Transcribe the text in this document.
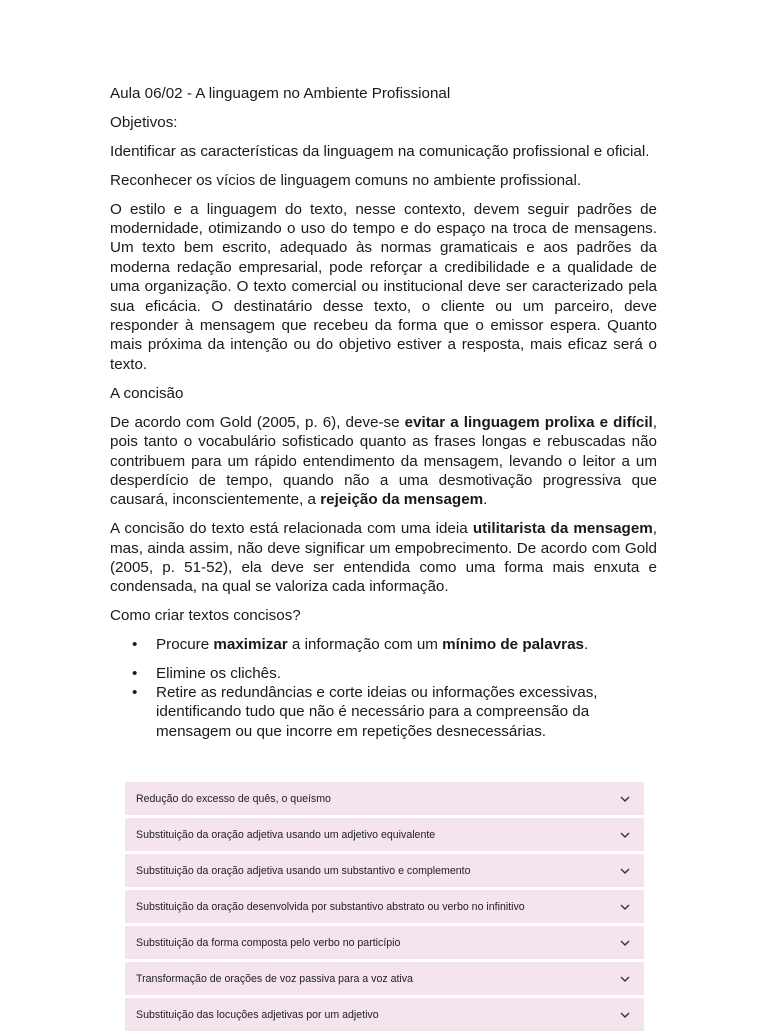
Aula 06/02 - A linguagem no Ambiente Profissional

Objetivos:

Identificar as características da linguagem na comunicação profissional e oficial.

Reconhecer os vícios de linguagem comuns no ambiente profissional.

O estilo e a linguagem do texto, nesse contexto, devem seguir padrões de modernidade, otimizando o uso do tempo e do espaço na troca de mensagens. Um texto bem escrito, adequado às normas gramaticais e aos padrões da moderna redação empresarial, pode reforçar a credibilidade e a qualidade de uma organização. O texto comercial ou institucional deve ser caracterizado pela sua eficácia. O destinatário desse texto, o cliente ou um parceiro, deve responder à mensagem que recebeu da forma que o emissor espera. Quanto mais próxima da intenção ou do objetivo estiver a resposta, mais eficaz será o texto.

A concisão

De acordo com Gold (2005, p. 6), deve-se evitar a linguagem prolixa e difícil, pois tanto o vocabulário sofisticado quanto as frases longas e rebuscadas não contribuem para um rápido entendimento da mensagem, levando o leitor a um desperdício de tempo, quando não a uma desmotivação progressiva que causará, inconscientemente, a rejeição da mensagem.

A concisão do texto está relacionada com uma ideia utilitarista da mensagem, mas, ainda assim, não deve significar um empobrecimento. De acordo com Gold (2005, p. 51-52), ela deve ser entendida como uma forma mais enxuta e condensada, na qual se valoriza cada informação.

Como criar textos concisos?

• Procure maximizar a informação com um mínimo de palavras.
• Elimine os clichês.
• Retire as redundâncias e corte ideias ou informações excessivas, identificando tudo que não é necessário para a compreensão da mensagem ou que incorre em repetições desnecessárias.
Redução do excesso de quês, o queísmo
Substituição da oração adjetiva usando um adjetivo equivalente
Substituição da oração adjetiva usando um substantivo e complemento
Substituição da oração desenvolvida por substantivo abstrato ou verbo no infinitivo
Substituição da forma composta pelo verbo no particípio
Transformação de orações de voz passiva para a voz ativa
Substituição das locuções adjetivas por um adjetivo
